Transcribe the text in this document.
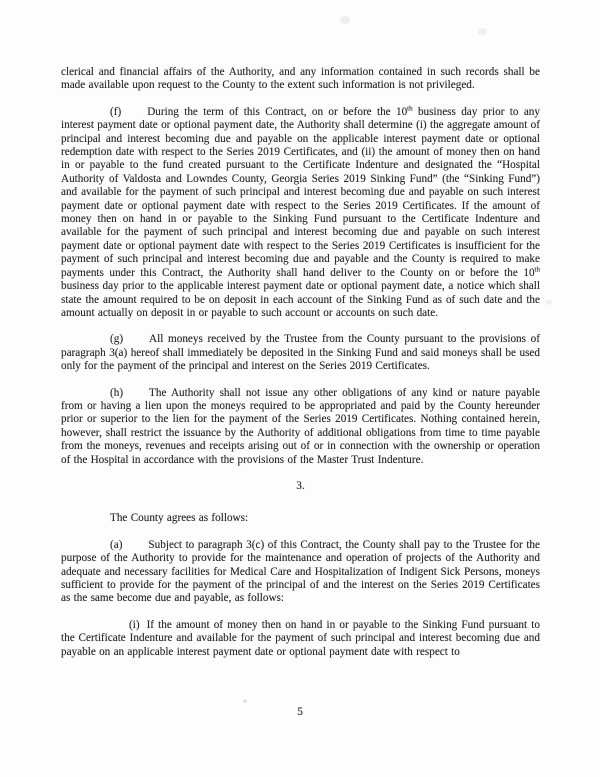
clerical and financial affairs of the Authority, and any information contained in such records shall be made available upon request to the County to the extent such information is not privileged.

(f) During the term of this Contract, on or before the 10th business day prior to any interest payment date or optional payment date, the Authority shall determine (i) the aggregate amount of principal and interest becoming due and payable on the applicable interest payment date or optional redemption date with respect to the Series 2019 Certificates, and (ii) the amount of money then on hand in or payable to the fund created pursuant to the Certificate Indenture and designated the “Hospital Authority of Valdosta and Lowndes County, Georgia Series 2019 Sinking Fund” (the “Sinking Fund”) and available for the payment of such principal and interest becoming due and payable on such interest payment date or optional payment date with respect to the Series 2019 Certificates. If the amount of money then on hand in or payable to the Sinking Fund pursuant to the Certificate Indenture and available for the payment of such principal and interest becoming due and payable on such interest payment date or optional payment date with respect to the Series 2019 Certificates is insufficient for the payment of such principal and interest becoming due and payable and the County is required to make payments under this Contract, the Authority shall hand deliver to the County on or before the 10th business day prior to the applicable interest payment date or optional payment date, a notice which shall state the amount required to be on deposit in each account of the Sinking Fund as of such date and the amount actually on deposit in or payable to such account or accounts on such date.

(g) All moneys received by the Trustee from the County pursuant to the provisions of paragraph 3(a) hereof shall immediately be deposited in the Sinking Fund and said moneys shall be used only for the payment of the principal and interest on the Series 2019 Certificates.

(h) The Authority shall not issue any other obligations of any kind or nature payable from or having a lien upon the moneys required to be appropriated and paid by the County hereunder prior or superior to the lien for the payment of the Series 2019 Certificates. Nothing contained herein, however, shall restrict the issuance by the Authority of additional obligations from time to time payable from the moneys, revenues and receipts arising out of or in connection with the ownership or operation of the Hospital in accordance with the provisions of the Master Trust Indenture.

3.

The County agrees as follows:

(a) Subject to paragraph 3(c) of this Contract, the County shall pay to the Trustee for the purpose of the Authority to provide for the maintenance and operation of projects of the Authority and adequate and necessary facilities for Medical Care and Hospitalization of Indigent Sick Persons, moneys sufficient to provide for the payment of the principal of and the interest on the Series 2019 Certificates as the same become due and payable, as follows:

(i) If the amount of money then on hand in or payable to the Sinking Fund pursuant to the Certificate Indenture and available for the payment of such principal and interest becoming due and payable on an applicable interest payment date or optional payment date with respect to

5
